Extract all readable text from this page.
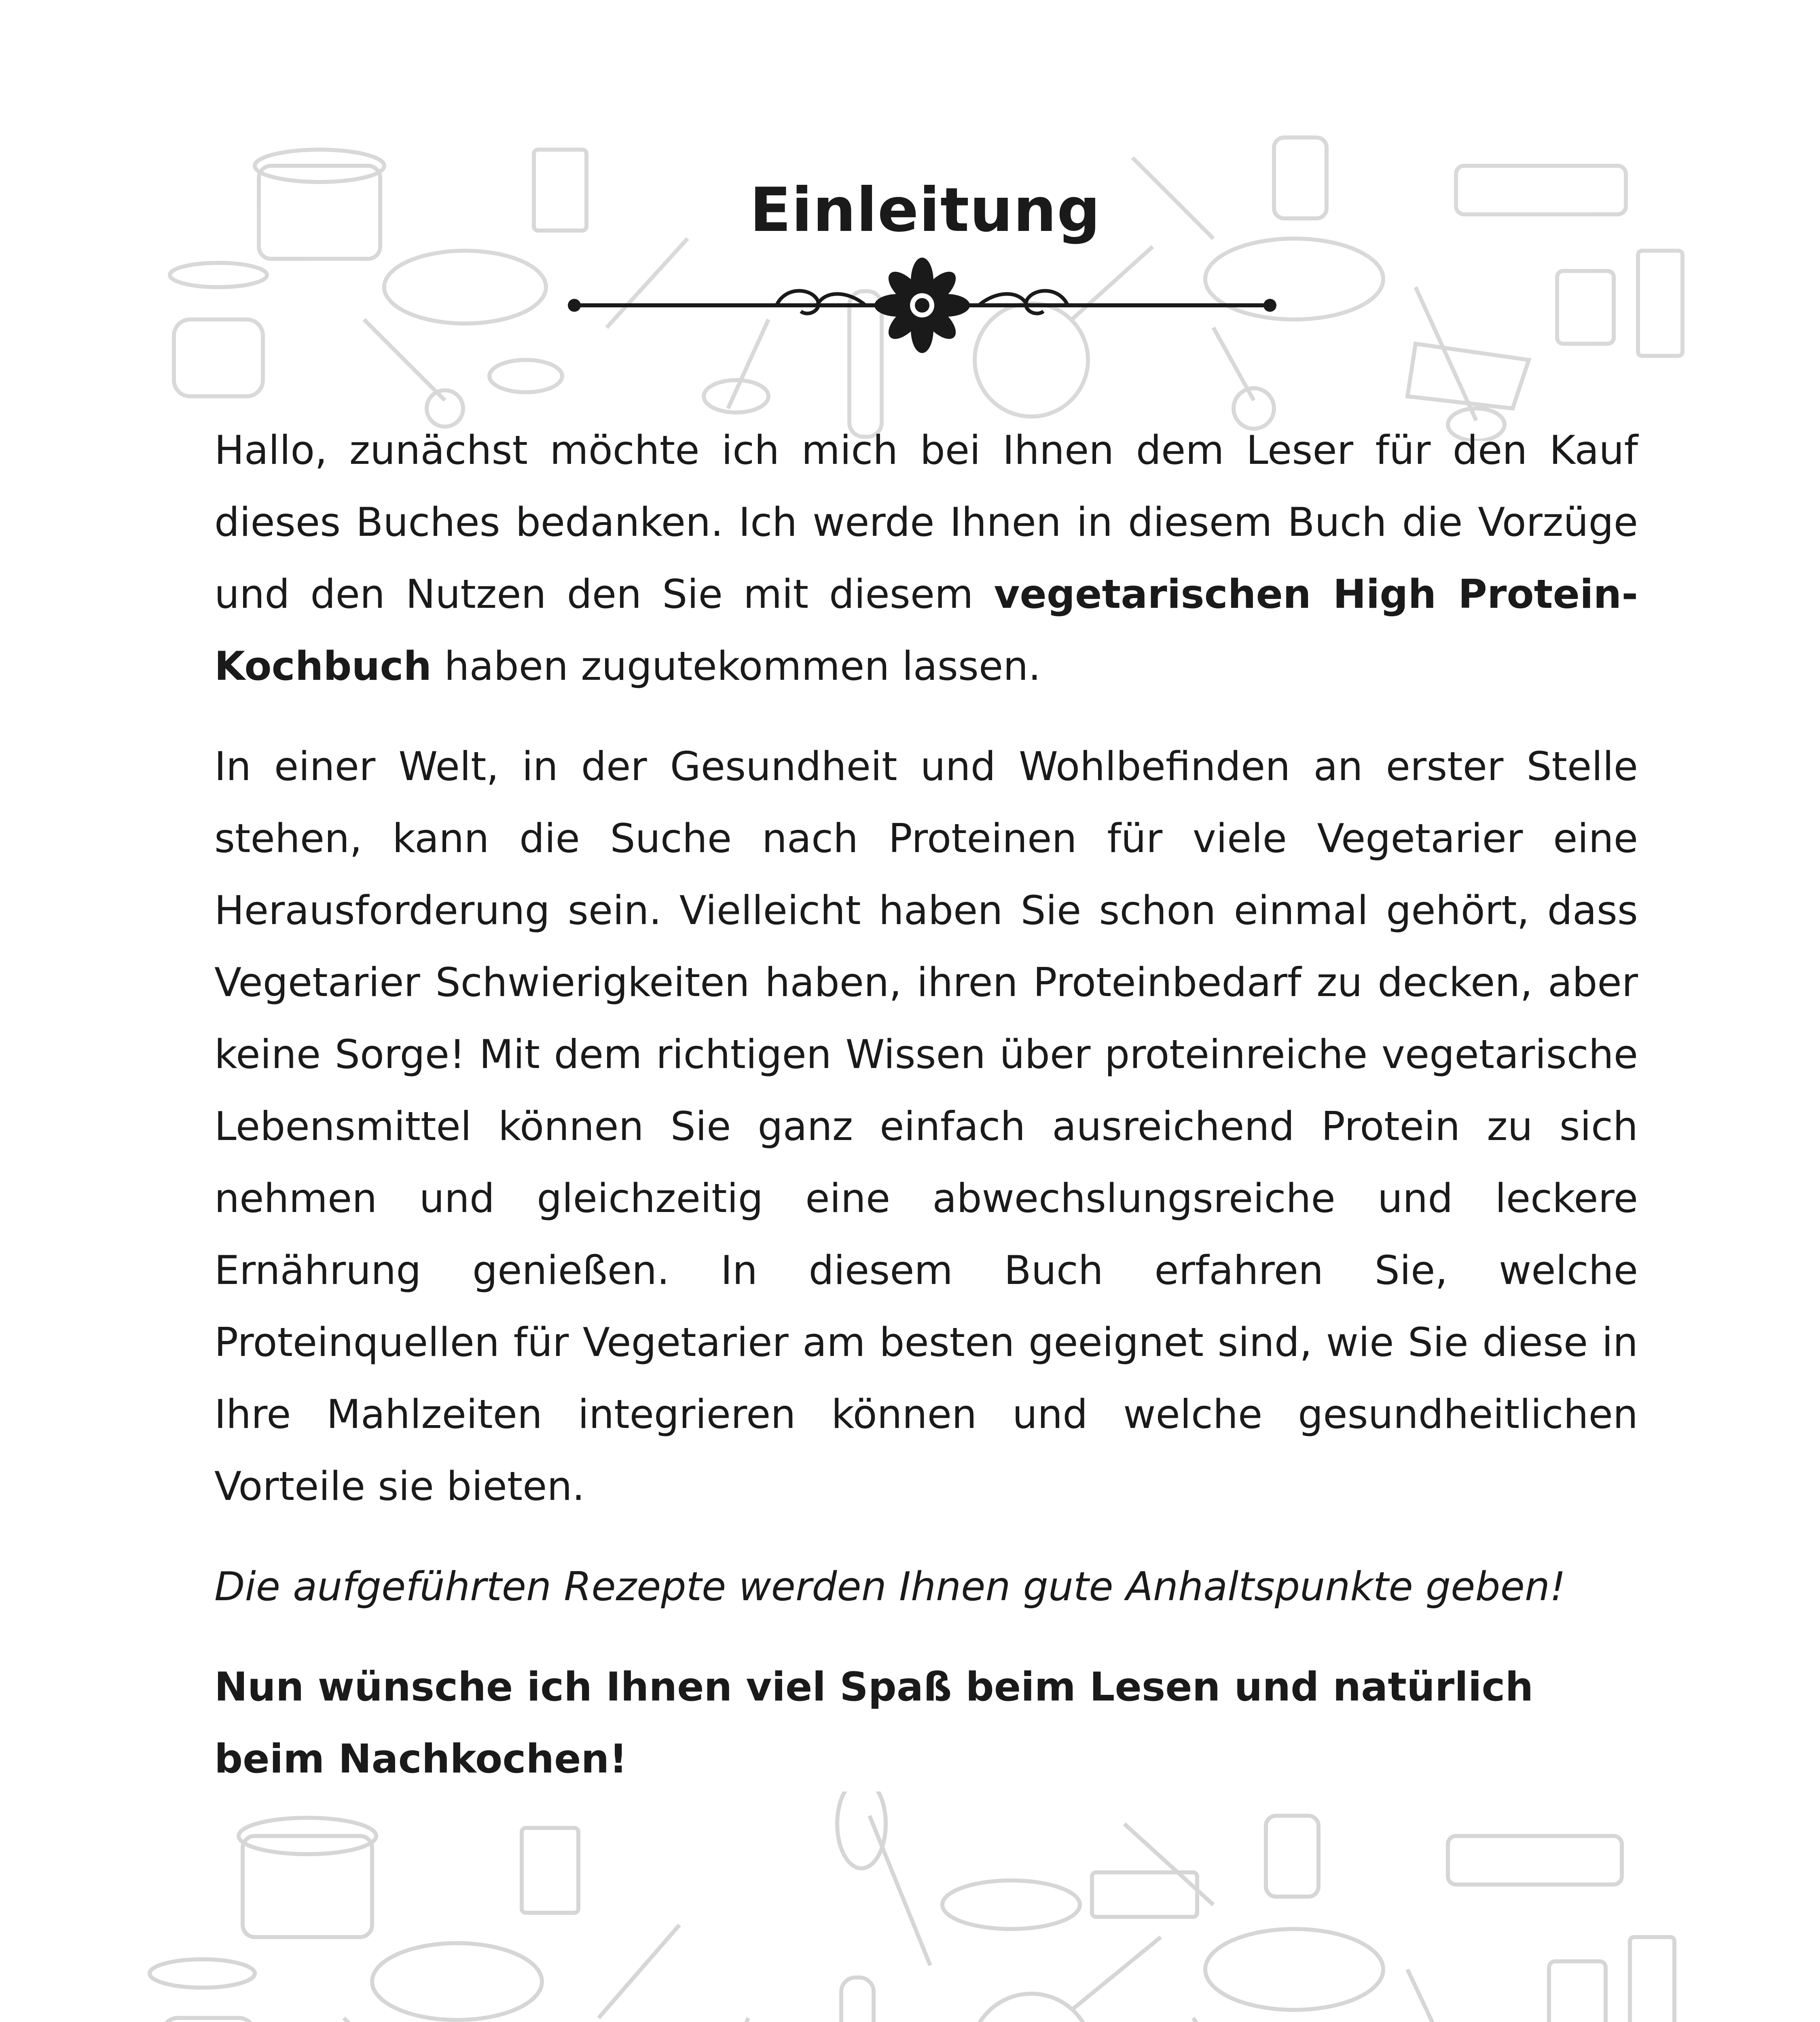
Einleitung

Hallo, zunächst möchte ich mich bei Ihnen dem Leser für den Kauf dieses Buches bedanken. Ich werde Ihnen in diesem Buch die Vorzüge und den Nutzen den Sie mit diesem vegetarischen High Protein-Kochbuch haben zugutekommen lassen.

In einer Welt, in der Gesundheit und Wohlbefinden an erster Stelle stehen, kann die Suche nach Proteinen für viele Vegetarier eine Herausforderung sein. Vielleicht haben Sie schon einmal gehört, dass Vegetarier Schwierigkeiten haben, ihren Proteinbedarf zu decken, aber keine Sorge! Mit dem richtigen Wissen über proteinreiche vegetarische Lebensmittel können Sie ganz einfach ausreichend Protein zu sich nehmen und gleichzeitig eine abwechslungsreiche und leckere Ernährung genießen. In diesem Buch erfahren Sie, welche Proteinquellen für Vegetarier am besten geeignet sind, wie Sie diese in Ihre Mahlzeiten integrieren können und welche gesundheitlichen Vorteile sie bieten.

Die aufgeführten Rezepte werden Ihnen gute Anhaltspunkte geben!

Nun wünsche ich Ihnen viel Spaß beim Lesen und natürlich beim Nachkochen!
